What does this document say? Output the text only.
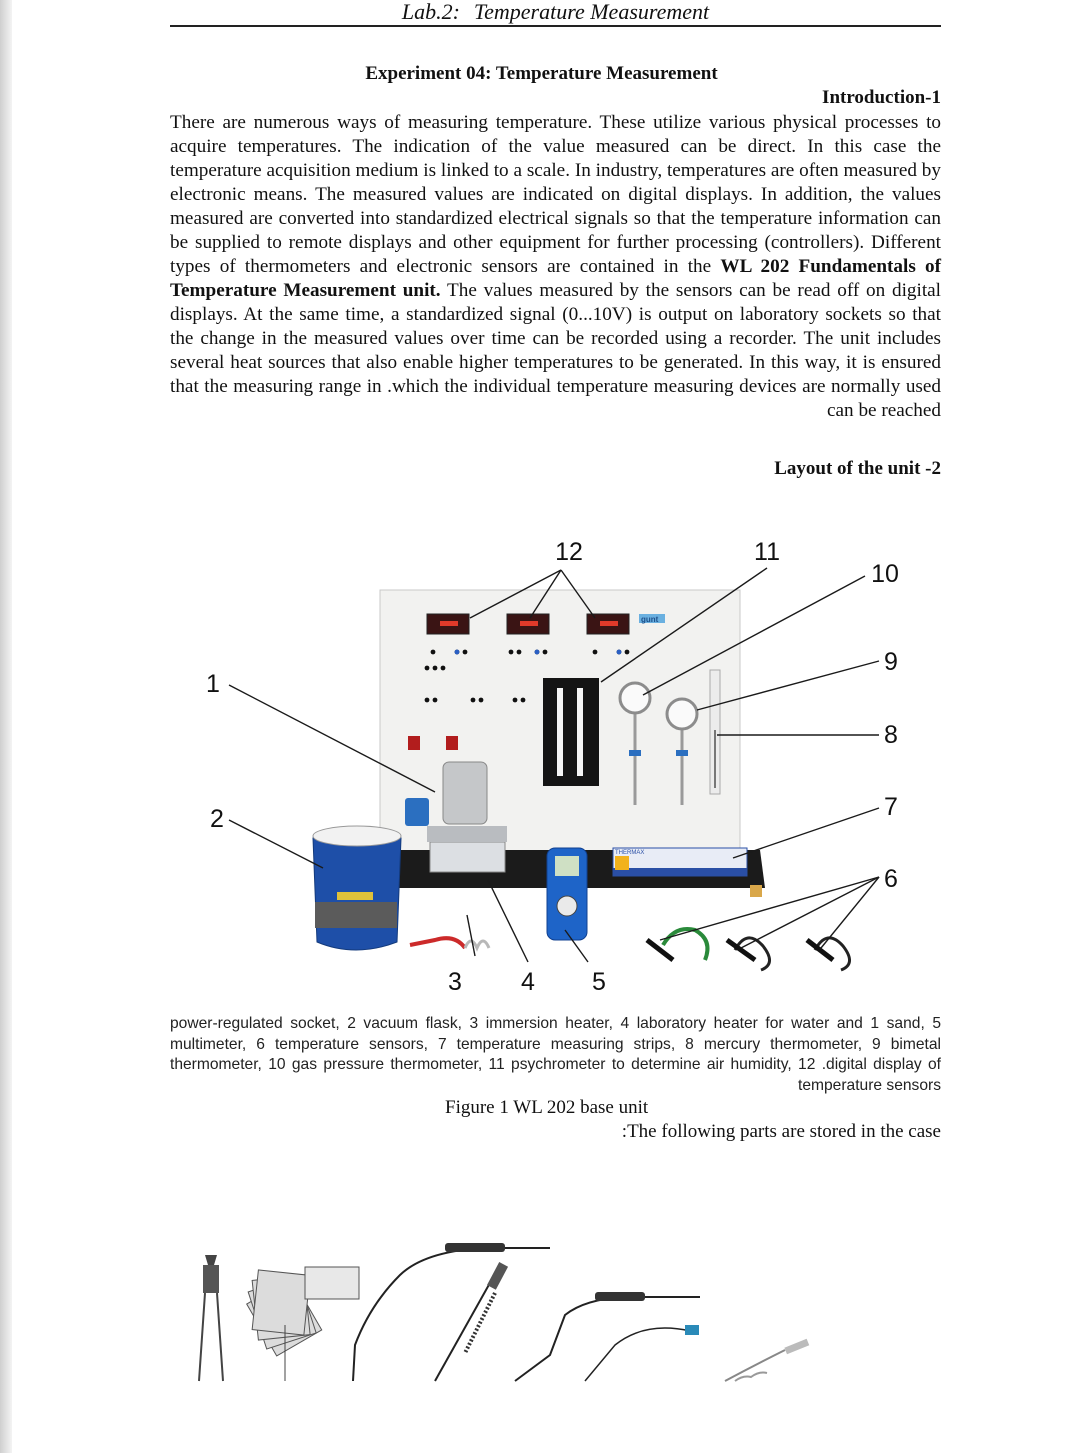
Lab.2: Temperature Measurement
Experiment 04: Temperature Measurement
Introduction-1

There are numerous ways of measuring temperature. These utilize various physical processes to acquire temperatures. The indication of the value measured can be direct. In this case the temperature acquisition medium is linked to a scale. In industry, temperatures are often measured by electronic means. The measured values are indicated on digital displays. In addition, the values measured are converted into standardized electrical signals so that the temperature information can be supplied to remote displays and other equipment for further processing (controllers). Different types of thermometers and electronic sensors are contained in the WL 202 Fundamentals of Temperature Measurement unit. The values measured by the sensors can be read off on digital displays. At the same time, a standardized signal (0...10V) is output on laboratory sockets so that the change in the measured values over time can be recorded using a recorder. The unit includes several heat sources that also enable higher temperatures to be generated. In this way, it is ensured that the measuring range in .which the individual temperature measuring devices are normally used can be reached

Layout of the unit -2
gunt
THERMAX
1
2
3 4 5
6
7
8
9
10
11
12

power-regulated socket, 2 vacuum flask, 3 immersion heater, 4 laboratory heater for water and 1 sand, 5 multimeter, 6 temperature sensors, 7 temperature measuring strips, 8 mercury thermometer, 9 bimetal thermometer, 10 gas pressure thermometer, 11 psychrometer to determine air humidity, 12 .digital display of temperature sensors

Figure 1 WL 202 base unit
:The following parts are stored in the case
